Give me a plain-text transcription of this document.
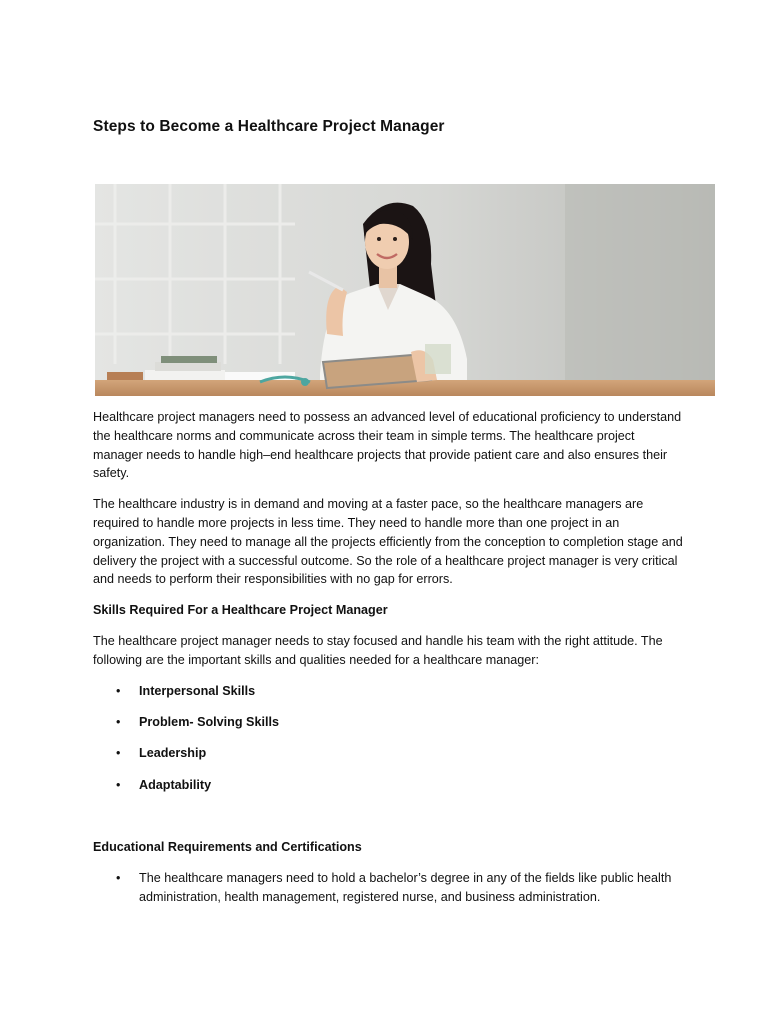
Steps to Become a Healthcare Project Manager

Healthcare project managers need to possess an advanced level of educational proficiency to understand the healthcare norms and communicate across their team in simple terms. The healthcare project manager needs to handle high–end healthcare projects that provide patient care and also ensures their safety.

The healthcare industry is in demand and moving at a faster pace, so the healthcare managers are required to handle more projects in less time. They need to handle more than one project in an organization. They need to manage all the projects efficiently from the conception to completion stage and delivery the project with a successful outcome. So the role of a healthcare project manager is very critical and needs to perform their responsibilities with no gap for errors.

Skills Required For a Healthcare Project Manager

The healthcare project manager needs to stay focused and handle his team with the right attitude. The following are the important skills and qualities needed for a healthcare manager:

• Interpersonal Skills
• Problem- Solving Skills
• Leadership
• Adaptability

Educational Requirements and Certifications

• The healthcare managers need to hold a bachelor’s degree in any of the fields like public health administration, health management, registered nurse, and business administration.
